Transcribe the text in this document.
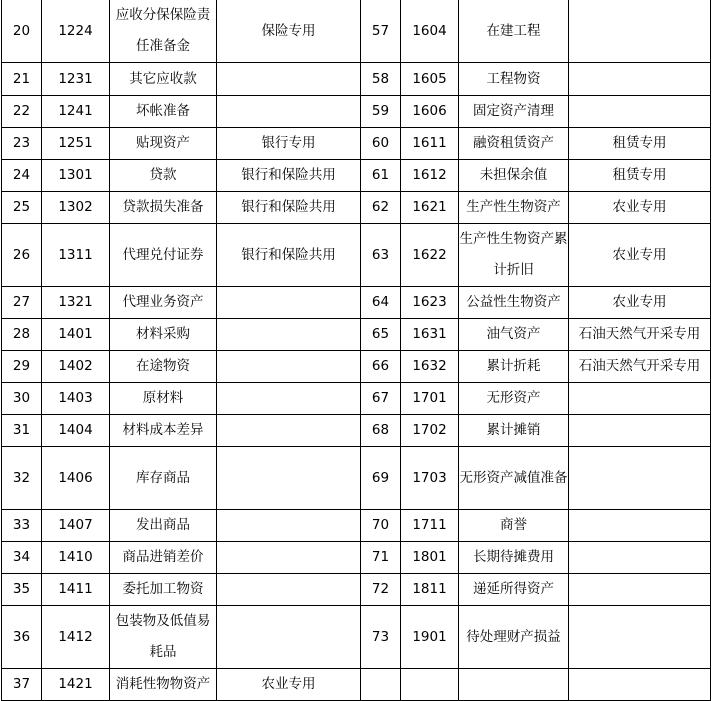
20	1224	应收分保保险责任准备金	保险专用	57	1604	在建工程	
21	1231	其它应收款		58	1605	工程物资	
22	1241	坏帐准备		59	1606	固定资产清理	
23	1251	贴现资产	银行专用	60	1611	融资租赁资产	租赁专用
24	1301	贷款	银行和保险共用	61	1612	未担保余值	租赁专用
25	1302	贷款损失准备	银行和保险共用	62	1621	生产性生物资产	农业专用
26	1311	代理兑付证券	银行和保险共用	63	1622	生产性生物资产累计折旧	农业专用
27	1321	代理业务资产		64	1623	公益性生物资产	农业专用
28	1401	材料采购		65	1631	油气资产	石油天然气开采专用
29	1402	在途物资		66	1632	累计折耗	石油天然气开采专用
30	1403	原材料		67	1701	无形资产	
31	1404	材料成本差异		68	1702	累计摊销	
32	1406	库存商品		69	1703	无形资产减值准备	
33	1407	发出商品		70	1711	商誉	
34	1410	商品进销差价		71	1801	长期待摊费用	
35	1411	委托加工物资		72	1811	递延所得资产	
36	1412	包装物及低值易耗品		73	1901	待处理财产损益	
37	1421	消耗性物物资产	农业专用				
